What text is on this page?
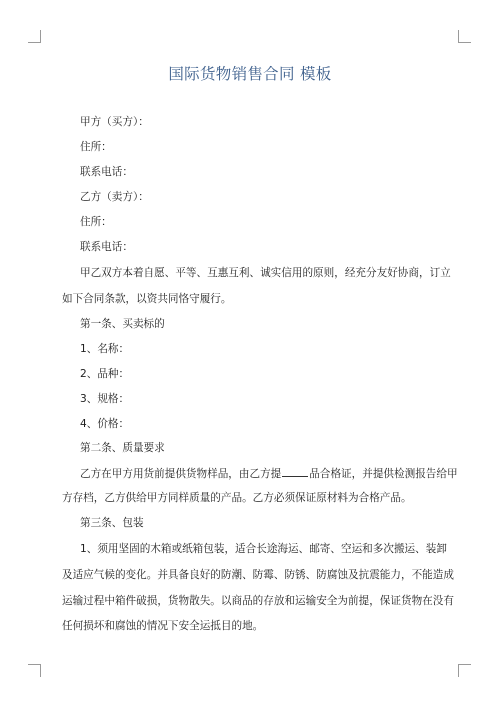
国际货物销售合同 模板
甲方（买方）：
住所：
联系电话：
乙方（卖方）：
住所：
联系电话：
甲乙双方本着自愿、平等、互惠互利、诚实信用的原则，经充分友好协商，订立
如下合同条款，以资共同恪守履行。
第一条、买卖标的
1、名称：
2、品种：
3、规格：
4、价格：
第二条、质量要求
乙方在甲方用货前提供货物样品，由乙方提	品合格证，并提供检测报告给甲
方存档，乙方供给甲方同样质量的产品。乙方必须保证原材料为合格产品。
第三条、包装
1、须用坚固的木箱或纸箱包装，适合长途海运、邮寄、空运和多次搬运、装卸
及适应气候的变化。并具备良好的防潮、防霉、防锈、防腐蚀及抗震能力，不能造成
运输过程中箱件破损，货物散失。以商品的存放和运输安全为前提，保证货物在没有
任何损坏和腐蚀的情况下安全运抵目的地。
